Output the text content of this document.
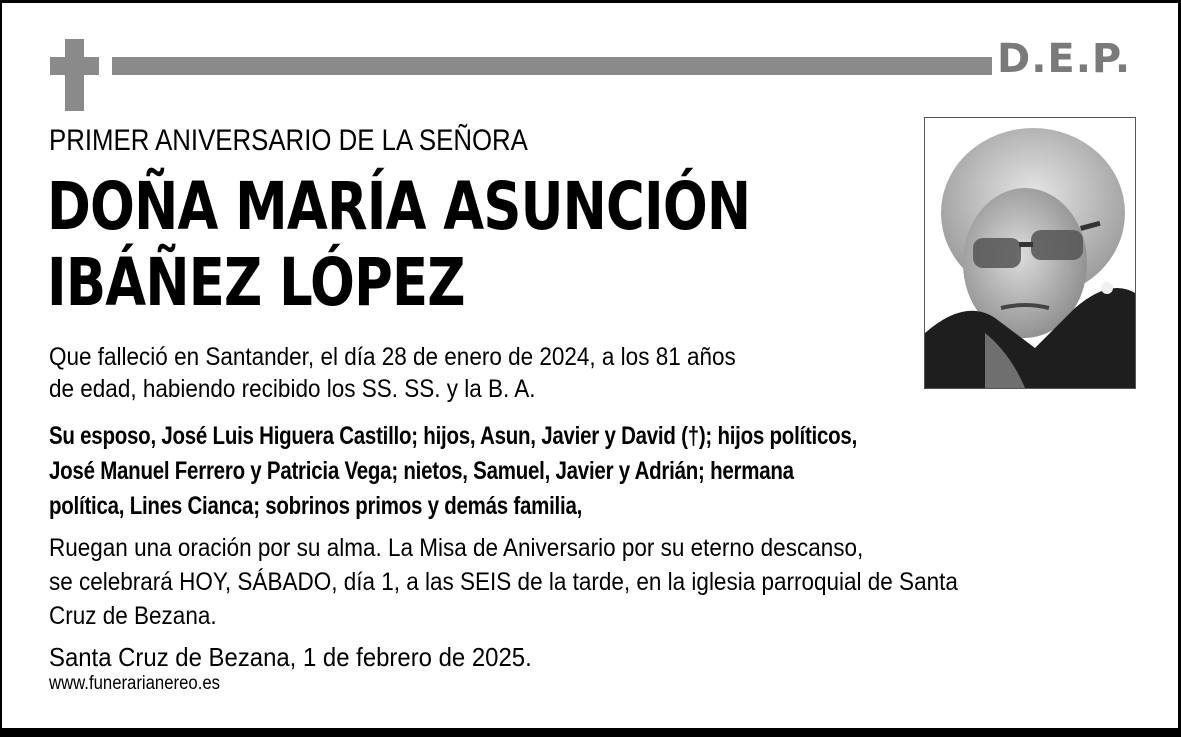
D.E.P.
PRIMER ANIVERSARIO DE LA SEÑORA
DOÑA MARÍA ASUNCIÓN
IBÁÑEZ LÓPEZ
Que falleció en Santander, el día 28 de enero de 2024, a los 81 años
de edad, habiendo recibido los SS. SS. y la B. A.
Su esposo, José Luis Higuera Castillo; hijos, Asun, Javier y David (†); hijos políticos,
José Manuel Ferrero y Patricia Vega; nietos, Samuel, Javier y Adrián; hermana
política, Lines Cianca; sobrinos primos y demás familia,
Ruegan una oración por su alma. La Misa de Aniversario por su eterno descanso,
se celebrará HOY, SÁBADO, día 1, a las SEIS de la tarde, en la iglesia parroquial de Santa
Cruz de Bezana.
Santa Cruz de Bezana, 1 de febrero de 2025.
www.funerarianereo.es
